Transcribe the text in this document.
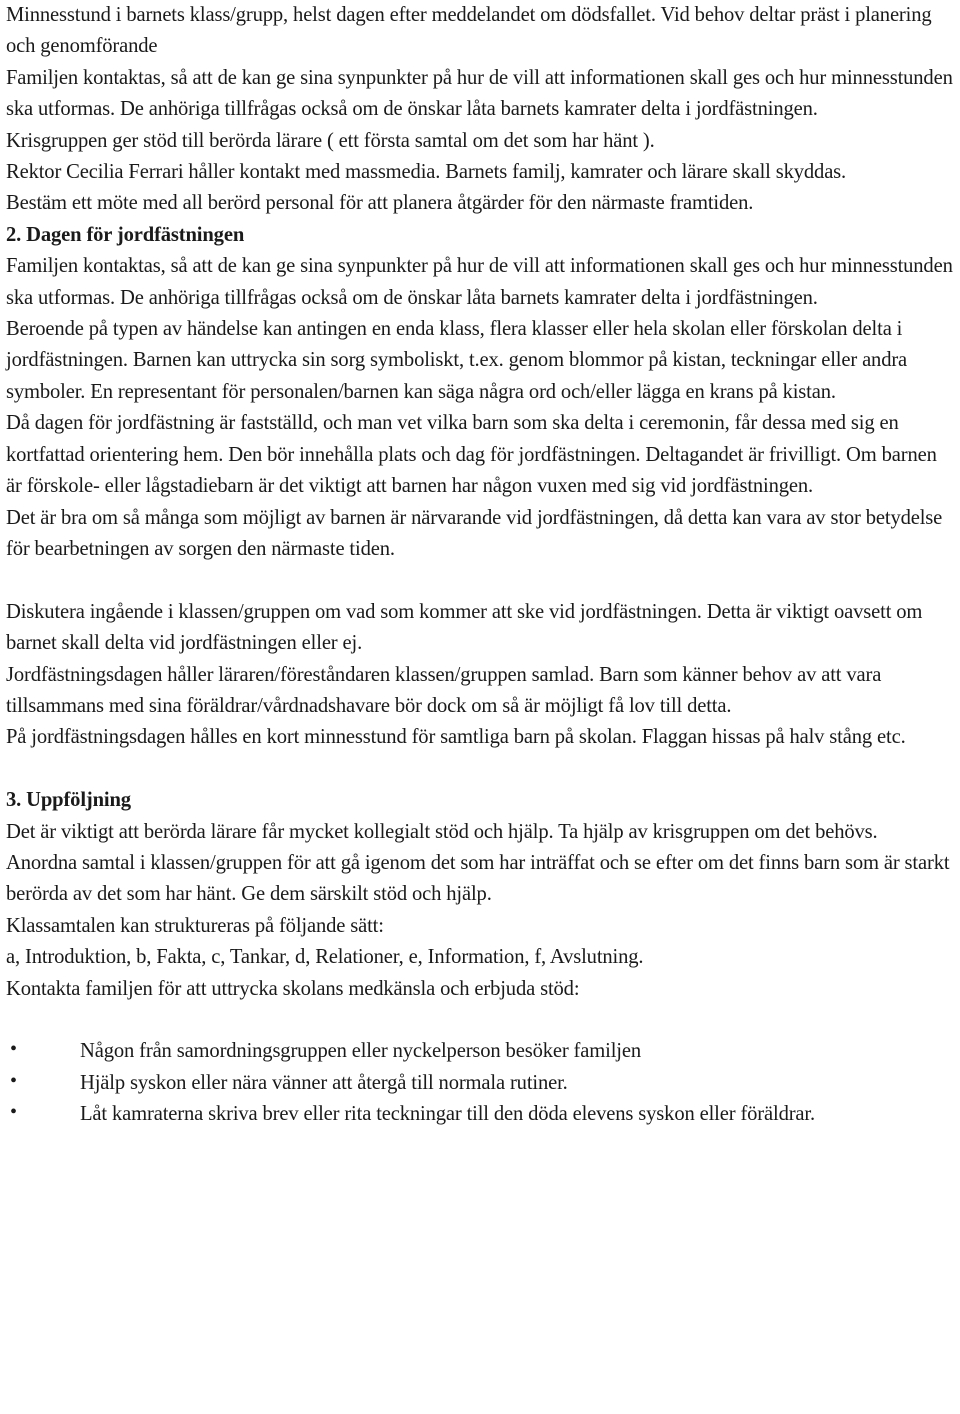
Minnesstund i barnets klass/grupp, helst dagen efter meddelandet om dödsfallet. Vid behov deltar präst i planering och genomförande

Familjen kontaktas, så att de kan ge sina synpunkter på hur de vill att informationen skall ges och hur minnesstunden ska utformas. De anhöriga tillfrågas också om de önskar låta barnets kamrater delta i jordfästningen.

Krisgruppen ger stöd till berörda lärare ( ett första samtal om det som har hänt ).

Rektor Cecilia Ferrari håller kontakt med massmedia. Barnets familj, kamrater och lärare skall skyddas.

Bestäm ett möte med all berörd personal för att planera åtgärder för den närmaste framtiden.

2. Dagen för jordfästningen

Familjen kontaktas, så att de kan ge sina synpunkter på hur de vill att informationen skall ges och hur minnesstunden ska utformas. De anhöriga tillfrågas också om de önskar låta barnets kamrater delta i jordfästningen.

Beroende på typen av händelse kan antingen en enda klass, flera klasser eller hela skolan eller förskolan delta i jordfästningen. Barnen kan uttrycka sin sorg symboliskt, t.ex. genom blommor på kistan, teckningar eller andra symboler. En representant för personalen/barnen kan säga några ord och/eller lägga en krans på kistan.

Då dagen för jordfästning är fastställd, och man vet vilka barn som ska delta i ceremonin, får dessa med sig en kortfattad orientering hem. Den bör innehålla plats och dag för jordfästningen. Deltagandet är frivilligt. Om barnen är förskole- eller lågstadiebarn är det viktigt att barnen har någon vuxen med sig vid jordfästningen.

Det är bra om så många som möjligt av barnen är närvarande vid jordfästningen, då detta kan vara av stor betydelse för bearbetningen av sorgen den närmaste tiden.

Diskutera ingående i klassen/gruppen om vad som kommer att ske vid jordfästningen. Detta är viktigt oavsett om barnet skall delta vid jordfästningen eller ej.

Jordfästningsdagen håller läraren/föreståndaren klassen/gruppen samlad. Barn som känner behov av att vara tillsammans med sina föräldrar/vårdnadshavare bör dock om så är möjligt få lov till detta.

På jordfästningsdagen hålles en kort minnesstund för samtliga barn på skolan. Flaggan hissas på halv stång etc.

3. Uppföljning

Det är viktigt att berörda lärare får mycket kollegialt stöd och hjälp. Ta hjälp av krisgruppen om det behövs.

Anordna samtal i klassen/gruppen för att gå igenom det som har inträffat och se efter om det finns barn som är starkt berörda av det som har hänt. Ge dem särskilt stöd och hjälp.

Klassamtalen kan struktureras på följande sätt:

a, Introduktion, b, Fakta, c, Tankar, d, Relationer, e, Information, f, Avslutning.

Kontakta familjen för att uttrycka skolans medkänsla och erbjuda stöd:

•	Någon från samordningsgruppen eller nyckelperson besöker familjen
•	Hjälp syskon eller nära vänner att återgå till normala rutiner.
•	Låt kamraterna skriva brev eller rita teckningar till den döda elevens syskon eller föräldrar.
